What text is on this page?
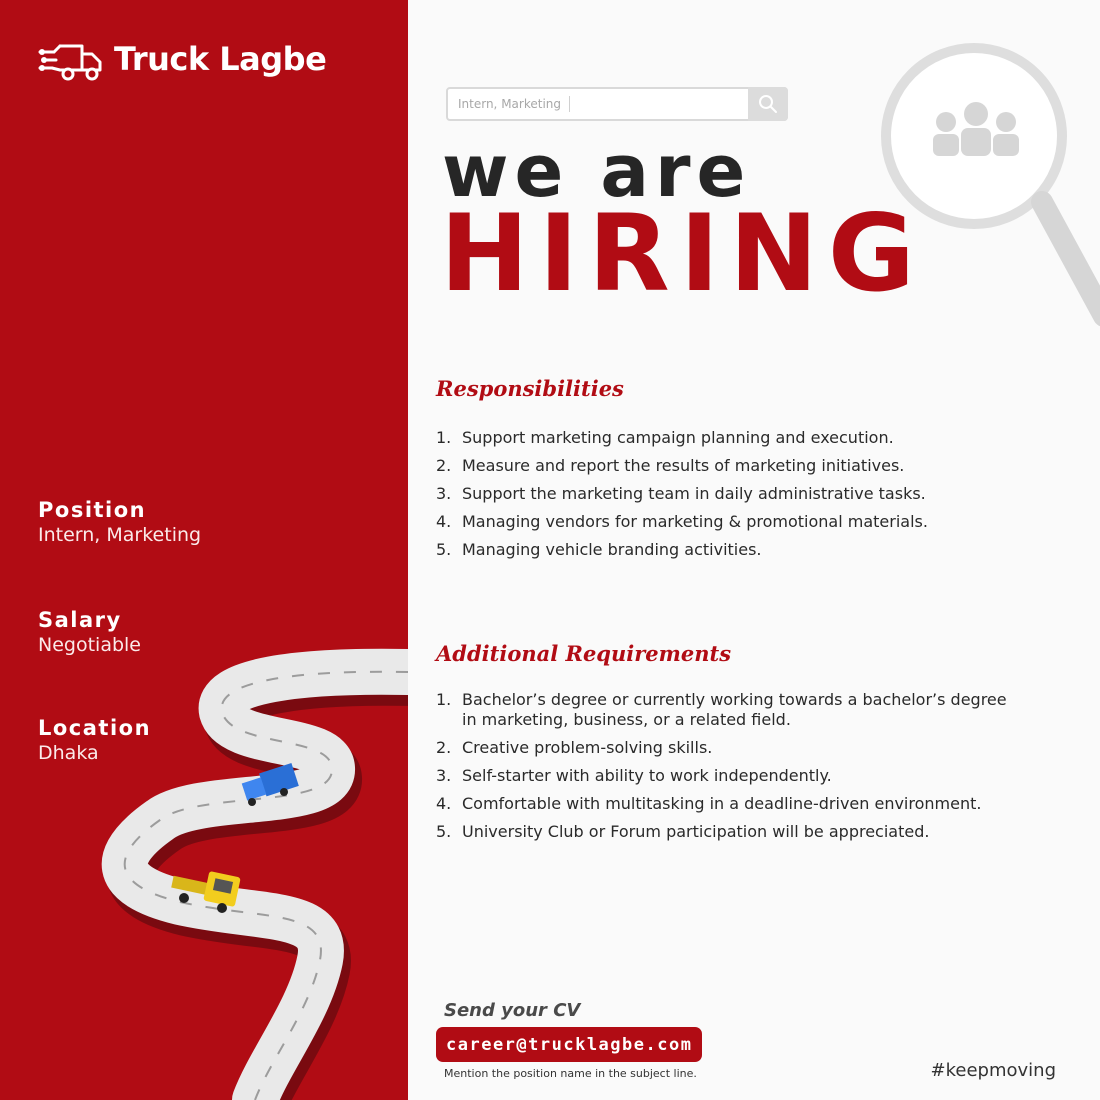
Truck Lagbe
Position
Intern, Marketing
Salary
Negotiable
Location
Dhaka
Intern, Marketing
we are
HIRING
Responsibilities
1. Support marketing campaign planning and execution.
2. Measure and report the results of marketing initiatives.
3. Support the marketing team in daily administrative tasks.
4. Managing vendors for marketing & promotional materials.
5. Managing vehicle branding activities.
Additional Requirements
1. Bachelor’s degree or currently working towards a bachelor’s degree in marketing, business, or a related field.
2. Creative problem-solving skills.
3. Self-starter with ability to work independently.
4. Comfortable with multitasking in a deadline-driven environment.
5. University Club or Forum participation will be appreciated.
Send your CV
career@trucklagbe.com
Mention the position name in the subject line.	#keepmoving
